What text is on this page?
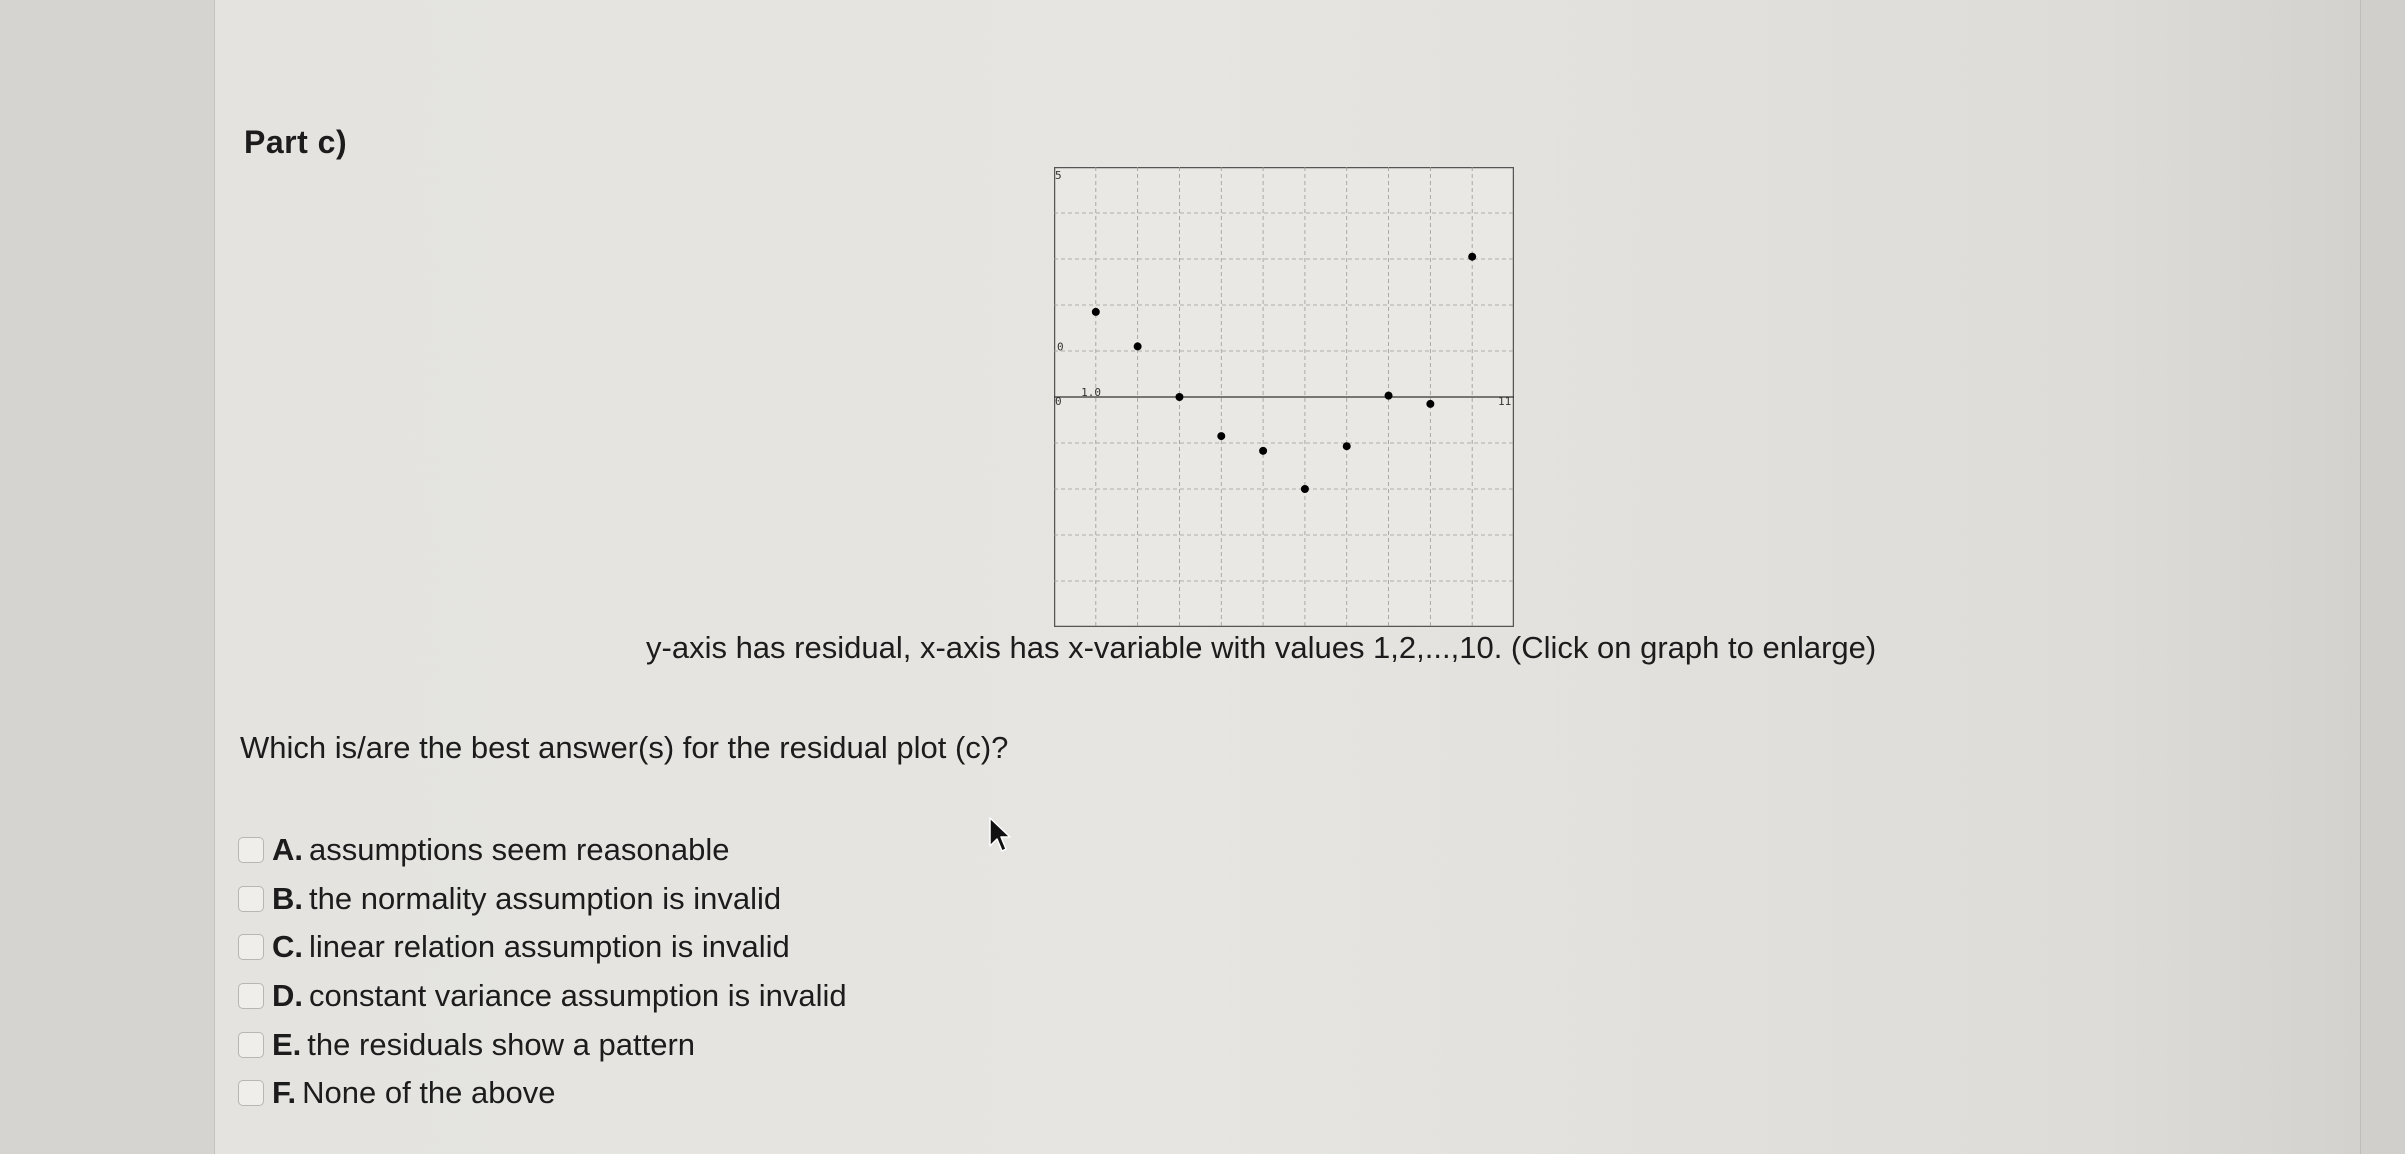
Part c)
5
0
0
1.0
11
y-axis has residual, x-axis has x-variable with values 1,2,...,10. (Click on graph to enlarge)
Which is/are the best answer(s) for the residual plot (c)?
A. assumptions seem reasonable
B. the normality assumption is invalid
C. linear relation assumption is invalid
D. constant variance assumption is invalid
E. the residuals show a pattern
F. None of the above
